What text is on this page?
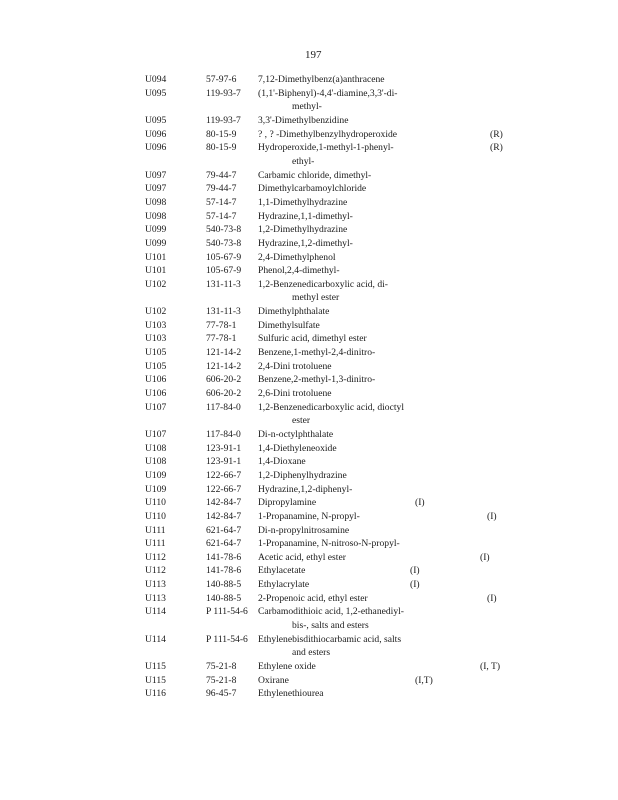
197
U094	57-97-6 7,12-Dimethylbenz(a)anthracene
U095	119-93-7 (1,1'-Biphenyl)-4,4'-diamine,3,3'-di-
methyl-
U095	119-93-7 3,3'-Dimethylbenzidine
U096	80-15-9 ? , ? -Dimethylbenzylhydroperoxide	(R)
U096	80-15-9 Hydroperoxide,1-methyl-1-phenyl-	(R)
ethyl-
U097	79-44-7 Carbamic chloride, dimethyl-
U097	79-44-7 Dimethylcarbamoylchloride
U098	57-14-7 1,1-Dimethylhydrazine
U098	57-14-7 Hydrazine,1,1-dimethyl-
U099	540-73-8 1,2-Dimethylhydrazine
U099	540-73-8 Hydrazine,1,2-dimethyl-
U101	105-67-9 2,4-Dimethylphenol
U101	105-67-9 Phenol,2,4-dimethyl-
U102	131-11-3 1,2-Benzenedicarboxylic acid, di-
methyl ester
U102	131-11-3 Dimethylphthalate
U103	77-78-1 Dimethylsulfate
U103	77-78-1 Sulfuric acid, dimethyl ester
U105	121-14-2 Benzene,1-methyl-2,4-dinitro-
U105	121-14-2 2,4-Dini trotoluene
U106	606-20-2 Benzene,2-methyl-1,3-dinitro-
U106	606-20-2 2,6-Dini trotoluene
U107	117-84-0 1,2-Benzenedicarboxylic acid, dioctyl
ester
U107	117-84-0 Di-n-octylphthalate
U108	123-91-1 1,4-Diethyleneoxide
U108	123-91-1 1,4-Dioxane
U109	122-66-7 1,2-Diphenylhydrazine
U109	122-66-7 Hydrazine,1,2-diphenyl-
U110	142-84-7 Dipropylamine	(I)
U110	142-84-7 1-Propanamine, N-propyl-	(I)
U111	621-64-7 Di-n-propylnitrosamine
U111	621-64-7 1-Propanamine, N-nitroso-N-propyl-
U112	141-78-6 Acetic acid, ethyl ester	(I)
U112	141-78-6 Ethylacetate	(I)
U113	140-88-5 Ethylacrylate	(I)
U113	140-88-5 2-Propenoic acid, ethyl ester	(I)
U114	P 111-54-6 Carbamodithioic acid, 1,2-ethanediyl-
bis-, salts and esters
U114	P 111-54-6 Ethylenebisdithiocarbamic acid, salts
and esters
U115	75-21-8 Ethylene oxide	(I, T)
U115	75-21-8 Oxirane	(I,T)
U116	96-45-7 Ethylenethiourea
